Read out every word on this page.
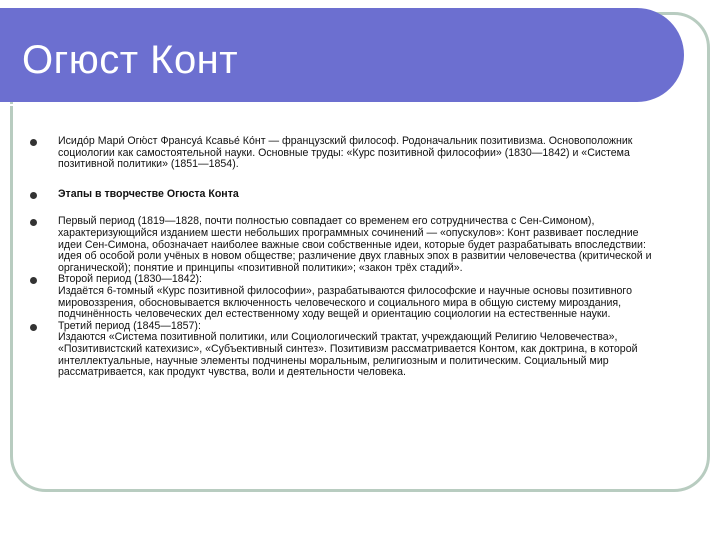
Огюст Конт

Исидо́р Мари́ Огю́ст Франсуа́ Ксавье́ Ко́нт — французский философ. Родоначальник позитивизма. Основоположник социологии как самостоятельной науки. Основные труды: «Курс позитивной философии» (1830—1842) и «Система позитивной политики» (1851—1854).

Этапы в творчестве Огюста Конта

Первый период (1819—1828, почти полностью совпадает со временем его сотрудничества с Сен-Симоном), характеризующийся изданием шести небольших программных сочинений — «опускулов»: Конт развивает последние идеи Сен-Симона, обозначает наиболее важные свои собственные идеи, которые будет разрабатывать впоследствии: идея об особой роли учёных в новом обществе; различение двух главных эпох в развитии человечества (критической и органической); понятие и принципы «позитивной политики»; «закон трёх стадий».

Второй период (1830—1842):

Издаётся 6-томный «Курс позитивной философии», разрабатываются философские и научные основы позитивного мировоззрения, обосновывается включенность человеческого и социального мира в общую систему мироздания, подчинённость человеческих дел естественному ходу вещей и ориентацию социологии на естественные науки.

Третий период (1845—1857):

Издаются «Система позитивной политики, или Социологический трактат, учреждающий Религию Человечества», «Позитивистский катехизис», «Субъективный синтез». Позитивизм рассматривается Контом, как доктрина, в которой интеллектуальные, научные элементы подчинены моральным, религиозным и политическим. Социальный мир рассматривается, как продукт чувства, воли и деятельности человека.
